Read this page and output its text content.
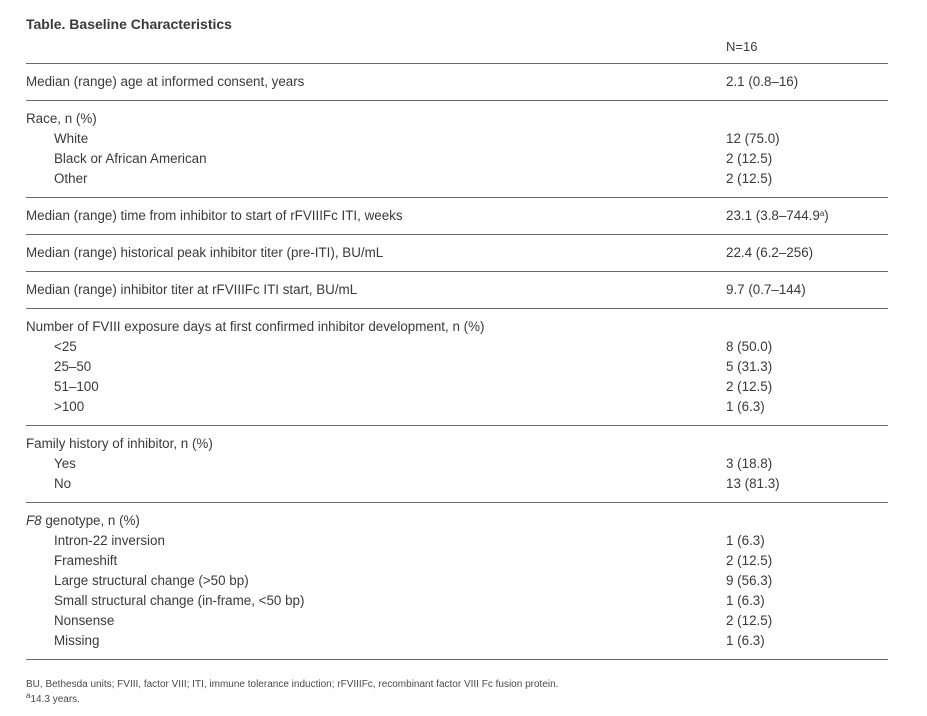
Table. Baseline Characteristics
N=16
Median (range) age at informed consent, years	2.1 (0.8–16)
Race, n (%)
White	12 (75.0)
Black or African American	2 (12.5)
Other	2 (12.5)
Median (range) time from inhibitor to start of rFVIIIFc ITI, weeks	23.1 (3.8–744.9$^a$)
Median (range) historical peak inhibitor titer (pre-ITI), BU/mL	22.4 (6.2–256)
Median (range) inhibitor titer at rFVIIIFc ITI start, BU/mL	9.7 (0.7–144)
Number of FVIII exposure days at first confirmed inhibitor development, n (%)
<25	8 (50.0)
25–50	5 (31.3)
51–100	2 (12.5)
>100	1 (6.3)
Family history of inhibitor, n (%)
Yes	3 (18.8)
No	13 (81.3)
F8 genotype, n (%)
Intron-22 inversion	1 (6.3)
Frameshift	2 (12.5)
Large structural change (>50 bp)	9 (56.3)
Small structural change (in-frame, <50 bp)	1 (6.3)
Nonsense	2 (12.5)
Missing	1 (6.3)
BU, Bethesda units; FVIII, factor VIII; ITI, immune tolerance induction; rFVIIIFc, recombinant factor VIII Fc fusion protein.
$^a$14.3 years.
